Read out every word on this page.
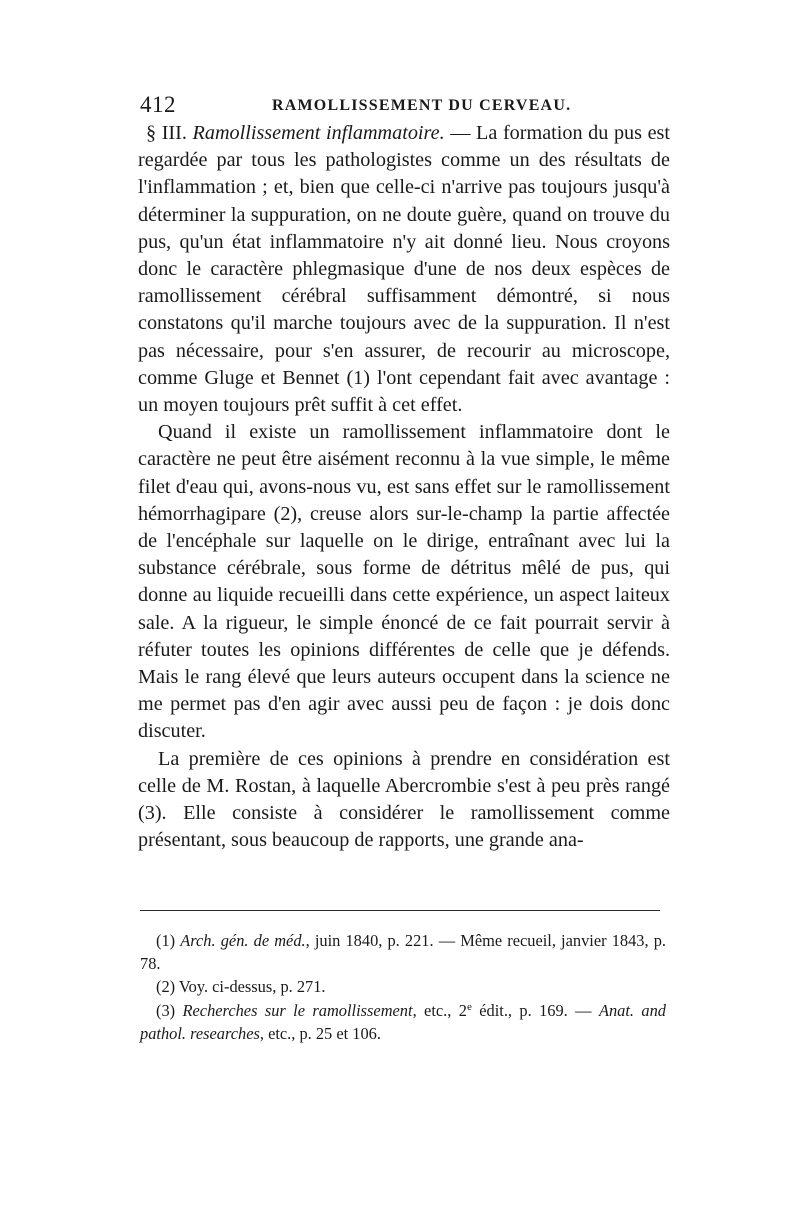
412	RAMOLLISSEMENT DU CERVEAU.

§ III. Ramollissement inflammatoire. — La formation du pus est regardée par tous les pathologistes comme un des résultats de l'inflammation ; et, bien que celle-ci n'arrive pas toujours jusqu'à déterminer la suppuration, on ne doute guère, quand on trouve du pus, qu'un état inflammatoire n'y ait donné lieu. Nous croyons donc le caractère phlegmasique d'une de nos deux espèces de ramollissement cérébral suffisamment démontré, si nous constatons qu'il marche toujours avec de la suppuration. Il n'est pas nécessaire, pour s'en assurer, de recourir au microscope, comme Gluge et Bennet (1) l'ont cependant fait avec avantage : un moyen toujours prêt suffit à cet effet.

Quand il existe un ramollissement inflammatoire dont le caractère ne peut être aisément reconnu à la vue simple, le même filet d'eau qui, avons-nous vu, est sans effet sur le ramollissement hémorrhagipare (2), creuse alors sur-le-champ la partie affectée de l'encéphale sur laquelle on le dirige, entraînant avec lui la substance cérébrale, sous forme de détritus mêlé de pus, qui donne au liquide recueilli dans cette expérience, un aspect laiteux sale. A la rigueur, le simple énoncé de ce fait pourrait servir à réfuter toutes les opinions différentes de celle que je défends. Mais le rang élevé que leurs auteurs occupent dans la science ne me permet pas d'en agir avec aussi peu de façon : je dois donc discuter.

La première de ces opinions à prendre en considération est celle de M. Rostan, à laquelle Abercrombie s'est à peu près rangé (3). Elle consiste à considérer le ramollissement comme présentant, sous beaucoup de rapports, une grande ana-

(1) Arch. gén. de méd., juin 1840, p. 221. — Même recueil, janvier 1843, p. 78.

(2) Voy. ci-dessus, p. 271.

(3) Recherches sur le ramollissement, etc., 2e édit., p. 169. — Anat. and pathol. researches, etc., p. 25 et 106.
